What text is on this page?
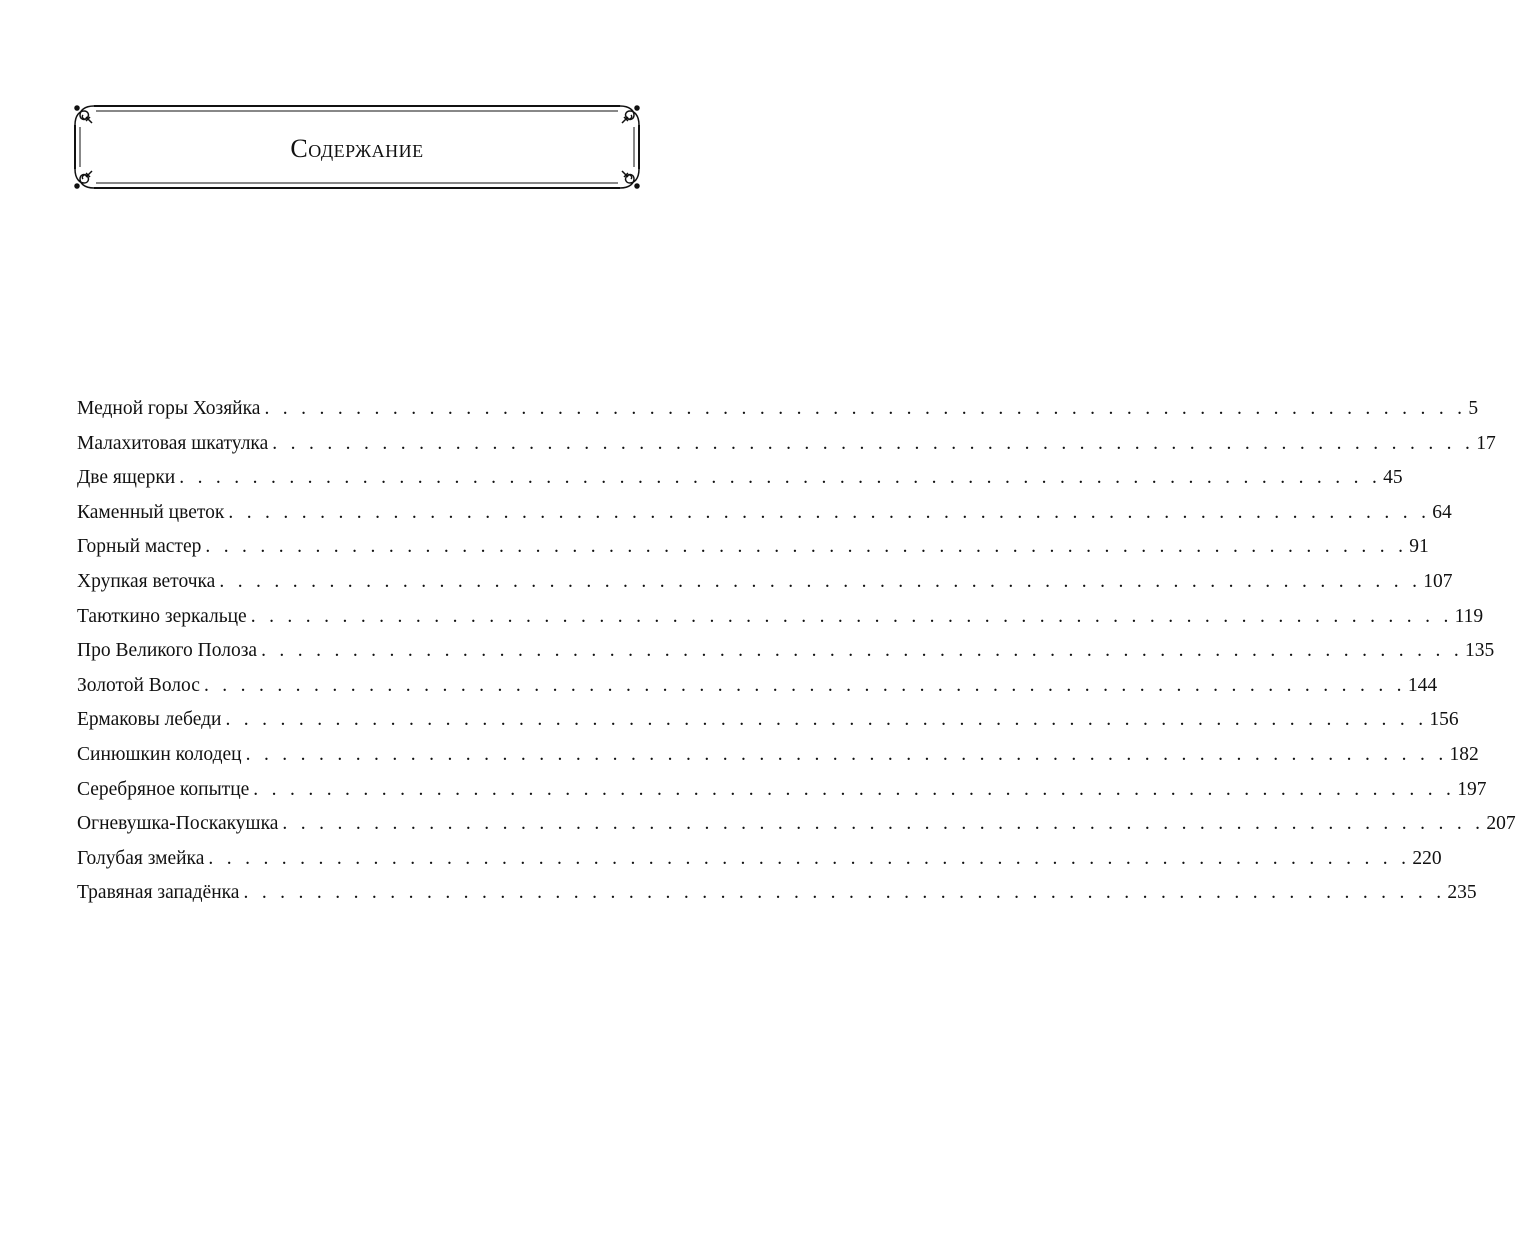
Содержание
Медной горы Хозяйка . . . . . . . . . . . . . . . . . . . . . . . . . . . . . . . . . . . . . . . . . . . . . . . . . . . . . . . . . . . . . . . . . . 5
Малахитовая шкатулка . . . . . . . . . . . . . . . . . . . . . . . . . . . . . . . . . . . . . . . . . . . . . . . . . . . . . . . . . . . . . . . . . . 17
Две ящерки . . . . . . . . . . . . . . . . . . . . . . . . . . . . . . . . . . . . . . . . . . . . . . . . . . . . . . . . . . . . . . . . . . 45
Каменный цветок . . . . . . . . . . . . . . . . . . . . . . . . . . . . . . . . . . . . . . . . . . . . . . . . . . . . . . . . . . . . . . . . . . 64
Горный мастер . . . . . . . . . . . . . . . . . . . . . . . . . . . . . . . . . . . . . . . . . . . . . . . . . . . . . . . . . . . . . . . . . . 91
Хрупкая веточка . . . . . . . . . . . . . . . . . . . . . . . . . . . . . . . . . . . . . . . . . . . . . . . . . . . . . . . . . . . . . . . . . . 107
Таюткино зеркальце . . . . . . . . . . . . . . . . . . . . . . . . . . . . . . . . . . . . . . . . . . . . . . . . . . . . . . . . . . . . . . . . . . 119
Про Великого Полоза . . . . . . . . . . . . . . . . . . . . . . . . . . . . . . . . . . . . . . . . . . . . . . . . . . . . . . . . . . . . . . . . . . 135
Золотой Волос . . . . . . . . . . . . . . . . . . . . . . . . . . . . . . . . . . . . . . . . . . . . . . . . . . . . . . . . . . . . . . . . . . 144
Ермаковы лебеди . . . . . . . . . . . . . . . . . . . . . . . . . . . . . . . . . . . . . . . . . . . . . . . . . . . . . . . . . . . . . . . . . . 156
Синюшкин колодец . . . . . . . . . . . . . . . . . . . . . . . . . . . . . . . . . . . . . . . . . . . . . . . . . . . . . . . . . . . . . . . . . . 182
Серебряное копытце . . . . . . . . . . . . . . . . . . . . . . . . . . . . . . . . . . . . . . . . . . . . . . . . . . . . . . . . . . . . . . . . . . 197
Огневушка-Поскакушка . . . . . . . . . . . . . . . . . . . . . . . . . . . . . . . . . . . . . . . . . . . . . . . . . . . . . . . . . . . . . . . . . . 207
Голубая змейка . . . . . . . . . . . . . . . . . . . . . . . . . . . . . . . . . . . . . . . . . . . . . . . . . . . . . . . . . . . . . . . . . . 220
Травяная западёнка . . . . . . . . . . . . . . . . . . . . . . . . . . . . . . . . . . . . . . . . . . . . . . . . . . . . . . . . . . . . . . . . . . 235
